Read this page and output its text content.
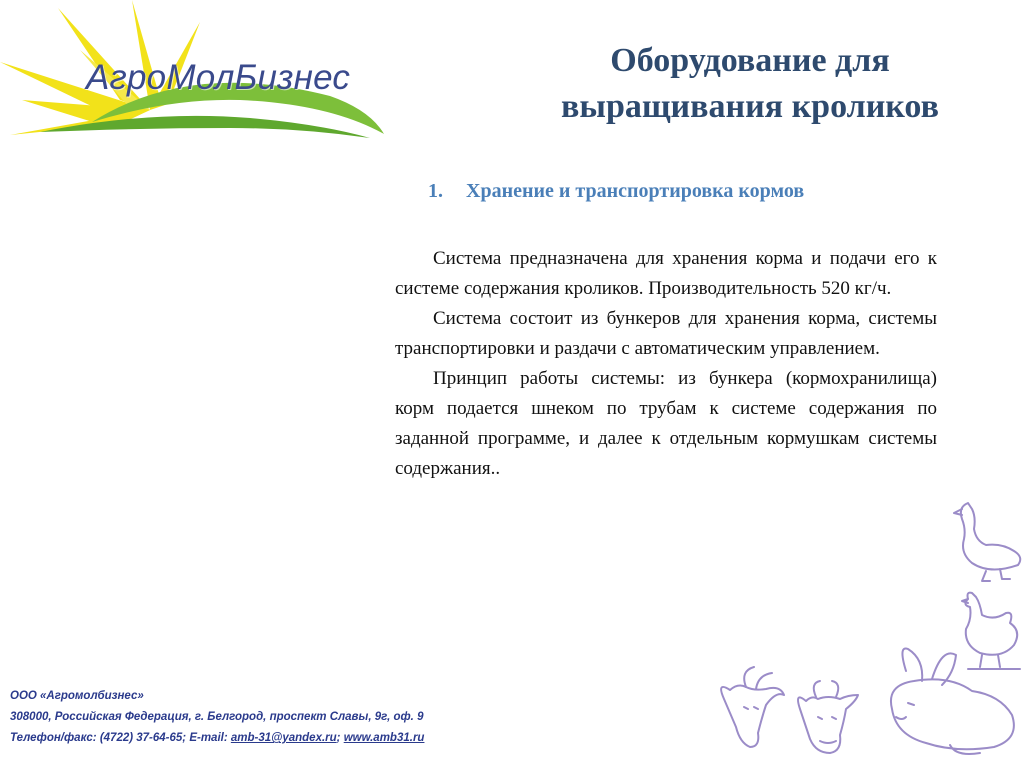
АгроМолБизнес	Оборудование для
выращивания кроликов
1. Хранение и транспортировка кормов

Система предназначена для хранения корма и подачи его к системе содержания кроликов. Производительность 520 кг/ч.

Система состоит из бункеров для хранения корма, системы транспортировки и раздачи с автоматическим управлением.

Принцип работы системы: из бункера (кормохранилища) корм подается шнеком по трубам к системе содержания по заданной программе, и далее к отдельным кормушкам системы содержания..

ООО «Агромолбизнес»
308000, Российская Федерация, г. Белгород, проспект Славы, 9г, оф. 9
Телефон/факс: (4722) 37-64-65; E-mail: amb-31@yandex.ru; www.amb31.ru
